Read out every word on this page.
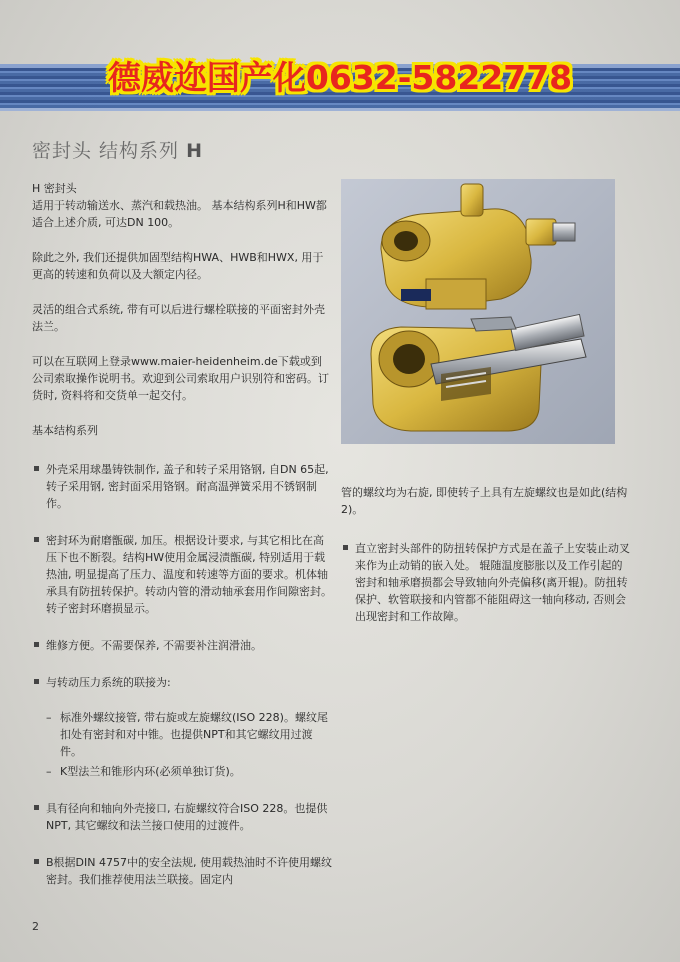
德威迩国产化0632-5822778
密封头 结构系列 H
H 密封头
适用于转动输送水、蒸汽和载热油。 基本结构系列H和HW都适合上述介质, 可达DN 100。
除此之外, 我们还提供加固型结构HWA、HWB和HWX, 用于更高的转速和负荷以及大额定内径。
灵活的组合式系统, 带有可以后进行螺栓联接的平面密封外壳法兰。
可以在互联网上登录www.maier-heidenheim.de下载或到公司索取操作说明书。欢迎到公司索取用户识别符和密码。订货时, 资料将和交货单一起交付。
基本结构系列
外壳采用球墨铸铁制作, 盖子和转子采用铬钢, 自DN 65起, 转子采用钢, 密封面采用铬钢。耐高温弹簧采用不锈钢制作。
密封环为耐磨甑碳, 加压。根据设计要求, 与其它相比在高压下也不断裂。结构HW使用金属浸渍甑碳, 特别适用于载热油, 明显提高了压力、温度和转速等方面的要求。机体轴承具有防扭转保护。转动内管的滑动轴承套用作间隙密封。转子密封环磨损显示。
维修方便。不需要保养, 不需要补注润滑油。
与转动压力系统的联接为:
– 标准外螺纹接管, 带右旋或左旋螺纹(ISO 228)。螺纹尾扣处有密封和对中锥。也提供NPT和其它螺纹用过渡件。
– K型法兰和锥形内环(必须单独订货)。
具有径向和轴向外壳接口, 右旋螺纹符合ISO 228。也提供NPT, 其它螺纹和法兰接口使用的过渡件。
B根据DIN 4757中的安全法规, 使用载热油时不许使用螺纹密封。我们推荐使用法兰联接。固定内
管的螺纹均为右旋, 即使转子上具有左旋螺纹也是如此(结构2)。
直立密封头部件的防扭转保护方式是在盖子上安装止动叉来作为止动销的嵌入处。 辊随温度膨胀以及工作引起的密封和轴承磨损都会导致轴向外壳偏移(离开辊)。防扭转保护、软管联接和内管都不能阻碍这一轴向移动, 否则会出现密封和工作故障。
2
